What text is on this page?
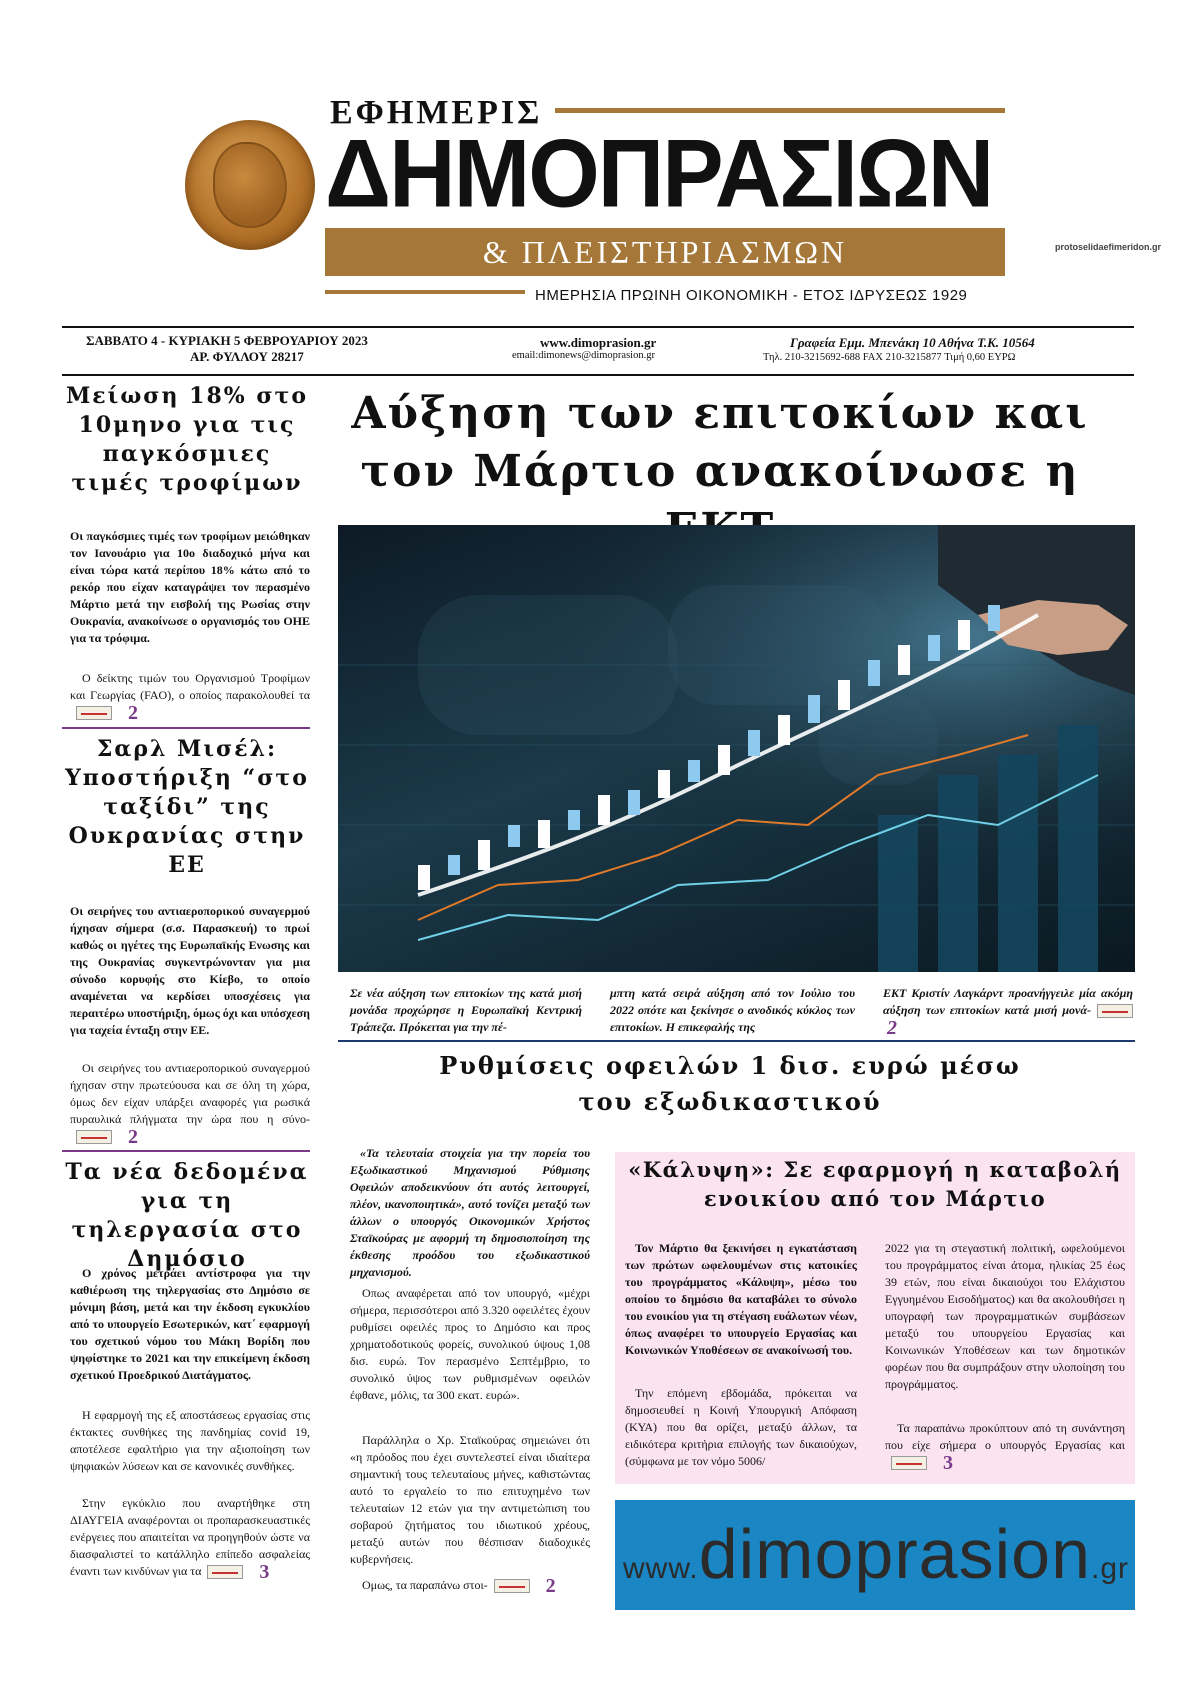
ΕΦΗΜΕΡΙΣ
ΔΗΜΟΠΡΑΣΙΩΝ
& ΠΛΕΙΣΤΗΡΙΑΣΜΩΝ
ΗΜΕΡΗΣΙΑ ΠΡΩΙΝΗ ΟΙΚΟΝΟΜΙΚΗ - ΕΤΟΣ ΙΔΡΥΣΕΩΣ 1929
protoselidaefimeridon.gr
ΣΑΒΒΑΤΟ 4 - ΚΥΡΙΑΚΗ 5 ΦΕΒΡΟΥΑΡΙΟΥ 2023
ΑΡ. ΦΥΛΛΟΥ 28217
www.dimoprasion.gr
email:dimonews@dimoprasion.gr
Γραφεία Εμμ. Μπενάκη 10 Αθήνα Τ.Κ. 10564
Τηλ. 210-3215692-688 FAX 210-3215877 Τιμή 0,60 ΕΥΡΩ
Αύξηση των επιτοκίων και τον Μάρτιο ανακοίνωσε η
Σε νέα αύξηση των επιτοκίων της κατά μισή μονάδα προχώρησε η Ευρωπαϊκή Κεντρική Τράπεζα. Πρόκειται για την πέ-
μπτη κατά σειρά αύξηση από τον Ιούλιο του 2022 οπότε και ξεκίνησε ο ανοδικός κύκλος των επιτοκίων. Η επικεφαλής της
ΕΚΤ Κριστίν Λαγκάρντ προανήγγειλε μία ακόμη αύξηση των επιτοκίων κατά μισή μονά-2
Μείωση 18% στο 10μηνο για τις παγκόσμιες τιμές τροφίμων
Οι παγκόσμιες τιμές των τροφίμων μειώθηκαν τον Ιανουάριο για 10ο διαδοχικό μήνα και είναι τώρα κατά περίπου 18% κάτω από το ρεκόρ που είχαν καταγράψει τον περασμένο Μάρτιο μετά την εισβολή της Ρωσίας στην Ουκρανία, ανακοίνωσε ο οργανισμός του ΟΗΕ για τα τρόφιμα.
Ο δείκτης τιμών του Οργανισμού Τροφίμων και Γεωργίας (FAO), ο οποίος παρακολουθεί τα2
Σαρλ Μισέλ: Υποστήριξη “στο ταξίδι” της Ουκρανίας στην ΕΕ
Οι σειρήνες του αντιαεροπορικού συναγερμού ήχησαν σήμερα (σ.σ. Παρασκευή) το πρωί καθώς οι ηγέτες της Ευρωπαϊκής Ενωσης και της Ουκρανίας συγκεντρώνονταν για μια σύνοδο κορυφής στο Κίεβο, το οποίο αναμένεται να κερδίσει υποσχέσεις για περαιτέρω υποστήριξη, όμως όχι και υπόσχεση για ταχεία ένταξη στην ΕΕ.
Οι σειρήνες του αντιαεροπορικού συναγερμού ήχησαν στην πρωτεύουσα και σε όλη τη χώρα, όμως δεν είχαν υπάρξει αναφορές για ρωσικά πυραυλικά πλήγματα την ώρα που η σύνο-2
Τα νέα δεδομένα για τη τηλεργασία στο Δημόσιο
Ο χρόνος μετράει αντίστροφα για την καθιέρωση της τηλεργασίας στο Δημόσιο σε μόνιμη βάση, μετά και την έκδοση εγκυκλίου από το υπουργείο Εσωτερικών, κατ΄ εφαρμογή του σχετικού νόμου του Μάκη Βορίδη που ψηφίστηκε το 2021 και την επικείμενη έκδοση σχετικού Προεδρικού Διατάγματος.
Η εφαρμογή της εξ αποστάσεως εργασίας στις έκτακτες συνθήκες της πανδημίας covid 19, αποτέλεσε εφαλτήριο για την αξιοποίηση των ψηφιακών λύσεων και σε κανονικές συνθήκες.
Στην εγκύκλιο που αναρτήθηκε στη ΔΙΑΥΓΕΙΑ αναφέρονται οι προπαρασκευαστικές ενέργειες που απαιτείται να προηγηθούν ώστε να διασφαλιστεί το κατάλληλο επίπεδο ασφαλείας έναντι των κινδύνων για τα	3
Ρυθμίσεις οφειλών 1 δισ. ευρώ μέσω του εξωδικαστικού
«Τα τελευταία στοιχεία για την πορεία του Εξωδικαστικού Μηχανισμού Ρύθμισης Οφειλών αποδεικνύουν ότι αυτός λειτουργεί, πλέον, ικανοποιητικά», αυτό τονίζει μεταξύ των άλλων ο υπουργός Οικονομικών Χρήστος Σταϊκούρας με αφορμή τη δημοσιοποίηση της έκθεσης προόδου του εξωδικαστικού μηχανισμού.
Οπως αναφέρεται από τον υπουργό, «μέχρι σήμερα, περισσότεροι από 3.320 οφειλέτες έχουν ρυθμίσει οφειλές προς το Δημόσιο και προς χρηματοδοτικούς φορείς, συνολικού ύψους 1,08 δισ. ευρώ. Τον περασμένο Σεπτέμβριο, το συνολικό ύψος των ρυθμισμένων οφειλών έφθανε, μόλις, τα 300 εκατ. ευρώ».
Παράλληλα ο Χρ. Σταϊκούρας σημειώνει ότι «η πρόοδος που έχει συντελεστεί είναι ιδιαίτερα σημαντική τους τελευταίους μήνες, καθιστώντας αυτό το εργαλείο το πιο επιτυχημένο των τελευταίων 12 ετών για την αντιμετώπιση του σοβαρού ζητήματος του ιδιωτικού χρέους, μεταξύ αυτών που θέσπισαν διαδοχικές κυβερνήσεις.
Ομως, τα παραπάνω στοι-	2
«Κάλυψη»: Σε εφαρμογή η καταβολή ενοικίου από τον Μάρτιο
Τον Μάρτιο θα ξεκινήσει η εγκατάσταση των πρώτων ωφελουμένων στις κατοικίες του προγράμματος «Κάλυψη», μέσω του οποίου το δημόσιο θα καταβάλει το σύνολο του ενοικίου για τη στέγαση ευάλωτων νέων, όπως αναφέρει το υπουργείο Εργασίας και Κοινωνικών Υποθέσεων σε ανακοίνωσή του.
Την επόμενη εβδομάδα, πρόκειται να δημοσιευθεί η Κοινή Υπουργική Απόφαση (ΚΥΑ) που θα ορίζει, μεταξύ άλλων, τα ειδικότερα κριτήρια επιλογής των δικαιούχων, (σύμφωνα με τον νόμο 5006/
2022 για τη στεγαστική πολιτική, ωφελούμενοι του προγράμματος είναι άτομα, ηλικίας 25 έως 39 ετών, που είναι δικαιούχοι του Ελάχιστου Εγγυημένου Εισοδήματος) και θα ακολουθήσει η υπογραφή των προγραμματικών συμβάσεων μεταξύ του υπουργείου Εργασίας και Κοινωνικών Υποθέσεων και των δημοτικών φορέων που θα συμπράξουν στην υλοποίηση του προγράμματος.
Τα παραπάνω προκύπτουν από τη συνάντηση που είχε σήμερα ο υπουργός Εργασίας και3
www.dimoprasion.gr
